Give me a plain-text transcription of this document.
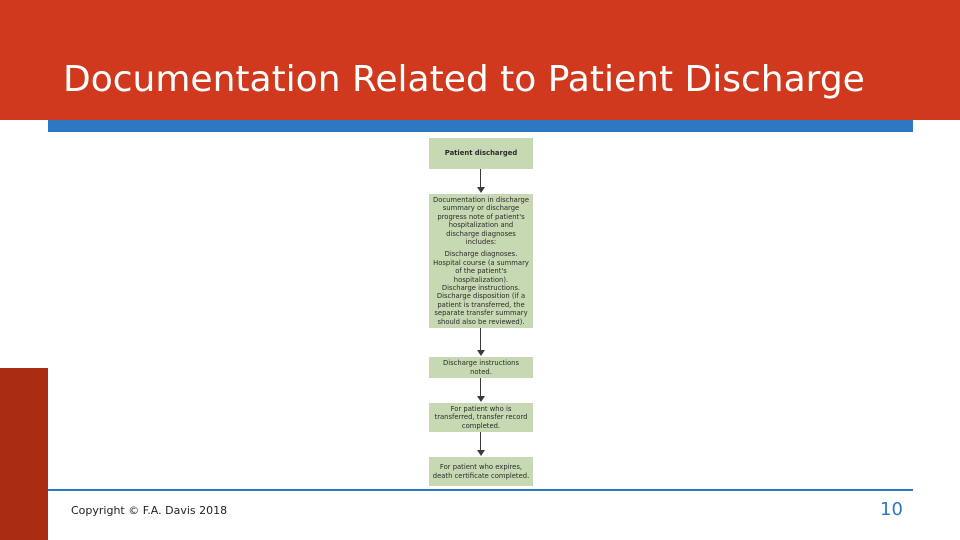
Documentation Related to Patient Discharge
Patient discharged
Documentation in discharge summary or discharge progress note of patient's hospitalization and discharge diagnoses includes:
Discharge diagnoses.
Hospital course (a summary of the patient's hospitalization).
Discharge instructions.
Discharge disposition (if a patient is transferred, the separate transfer summary should also be reviewed).
Discharge instructions noted.
For patient who is transferred, transfer record completed.
For patient who expires, death certificate completed.
Copyright © F.A. Davis 2018	10
